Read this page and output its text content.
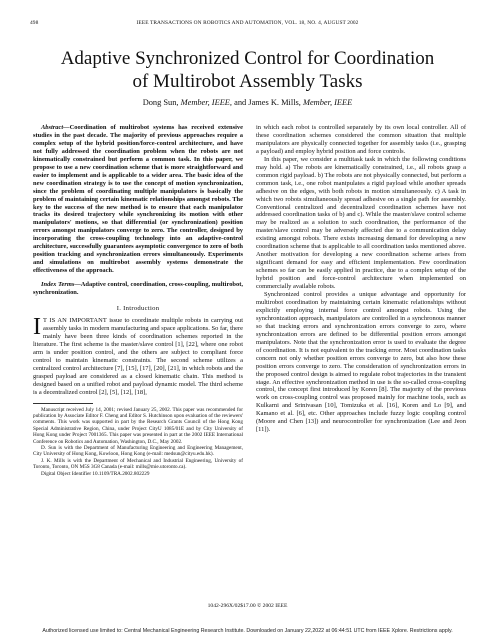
498	IEEE TRANSACTIONS ON ROBOTICS AND AUTOMATION, VOL. 18, NO. 4, AUGUST 2002
Adaptive Synchronized Control for Coordination
of Multirobot Assembly Tasks
Dong Sun, Member, IEEE, and James K. Mills, Member, IEEE

Abstract—Coordination of multirobot systems has received extensive studies in the past decade. The majority of previous approaches require a complex setup of the hybrid position/force-control architecture, and have not fully addressed the coordination problem when the robots are not kinematically constrained but perform a common task. In this paper, we propose to use a new coordination scheme that is more straightforward and easier to implement and is applicable to a wider area. The basic idea of the new coordination strategy is to use the concept of motion synchronization, since the problem of coordinating multiple manipulators is basically the problem of maintaining certain kinematic relationships amongst robots. The key to the success of the new method is to ensure that each manipulator tracks its desired trajectory while synchronizing its motion with other manipulators' motions, so that differential (or synchronization) position errors amongst manipulators converge to zero. The controller, designed by incorporating the cross-coupling technology into an adaptive-control architecture, successfully guarantees asymptotic convergence to zero of both position tracking and synchronization errors simultaneously. Experiments and simulations on multirobot assembly systems demonstrate the effectiveness of the approach.

Index Terms—Adaptive control, coordination, cross-coupling, multirobot, synchronization.

I. Introduction

IT IS AN IMPORTANT issue to coordinate multiple robots in carrying out assembly tasks in modern manufacturing and space applications. So far, there mainly have been three kinds of coordination schemes reported in the literature. The first scheme is the master/slave control [1], [22], where one robot arm is under position control, and the others are subject to compliant force control to maintain kinematic constraints. The second scheme utilizes a centralized control architecture [7], [15], [17], [20], [21], in which robots and the grasped payload are considered as a closed kinematic chain. This method is designed based on a unified robot and payload dynamic model. The third scheme is a decentralized control [2], [5], [12], [18],

Manuscript received July 14, 2001; revised January 25, 2002. This paper was recommended for publication by Associate Editor F. Cheng and Editor S. Hutchinson upon evaluation of the reviewers' comments. This work was supported in part by the Research Grants Council of the Hong Kong Special Administrative Region, China, under Project CityU 1085/01E and by City University of Hong Kong under Project 7001365. This paper was presented in part at the 2002 IEEE International Conference on Robotics and Automation, Washington, D.C., May 2002.

D. Sun is with the Department of Manufacturing Engineering and Engineering Management, City University of Hong Kong, Kowloon, Hong Kong (e-mail: medsun@cityu.edu.hk).

J. K. Mills is with the Department of Mechanical and Industrial Engineering, University of Toronto, Toronto, ON M5S 3G8 Canada (e-mail: mills@mie.utoronto.ca).

Digital Object Identifier 10.1109/TRA.2002.802229

in which each robot is controlled separately by its own local controller. All of these coordination schemes considered the common situation that multiple manipulators are physically connected together for assembly tasks (i.e., grasping a payload) and employ hybrid position and force controls.

In this paper, we consider a multitask task in which the following conditions may hold. a) The robots are kinematically constrained, i.e., all robots grasp a common rigid payload. b) The robots are not physically connected, but perform a common task, i.e., one robot manipulates a rigid payload while another spreads adhesive on the edges, with both robots in motion simultaneously. c) A task in which two robots simultaneously spread adhesive on a single path for assembly. Conventional centralized and decentralized coordination schemes have not addressed coordination tasks of b) and c). While the master/slave control scheme may be realized as a solution to such coordination, the performance of the master/slave control may be adversely affected due to a communication delay existing amongst robots. There exists increasing demand for developing a new coordination scheme that is applicable to all coordination tasks mentioned above. Another motivation for developing a new coordination scheme arises from significant demand for easy and efficient implementation. Few coordination schemes so far can be easily applied in practice, due to a complex setup of the hybrid position and force-control architecture when implemented on commercially available robots.

Synchronized control provides a unique advantage and opportunity for multirobot coordination by maintaining certain kinematic relationships without explicitly employing internal force control amongst robots. Using the synchronization approach, manipulators are controlled in a synchronous manner so that tracking errors and synchronization errors converge to zero, where synchronization errors are defined to be differential position errors amongst manipulators. Note that the synchronization error is used to evaluate the degree of coordination. It is not equivalent to the tracking error. Most coordination tasks concern not only whether position errors converge to zero, but also how these position errors converge to zero. The consideration of synchronization errors in the proposed control design is aimed to regulate robot trajectories in the transient stage. An effective synchronization method in use is the so-called cross-coupling control, the concept first introduced by Koren [8]. The majority of the previous work on cross-coupling control was proposed mainly for machine tools, such as Kulkarni and Srinivasan [10], Tomizuka et al. [16], Koren and Lo [9], and Kamano et al. [6], etc. Other approaches include fuzzy logic coupling control (Moore and Chen [13]) and neurocontroller for synchronization (Lee and Jeon [11]).

1042-296X/02$17.00 © 2002 IEEE
Authorized licensed use limited to: Central Mechanical Engineering Research Institute. Downloaded on January 22,2022 at 06:44:51 UTC from IEEE Xplore. Restrictions apply.
